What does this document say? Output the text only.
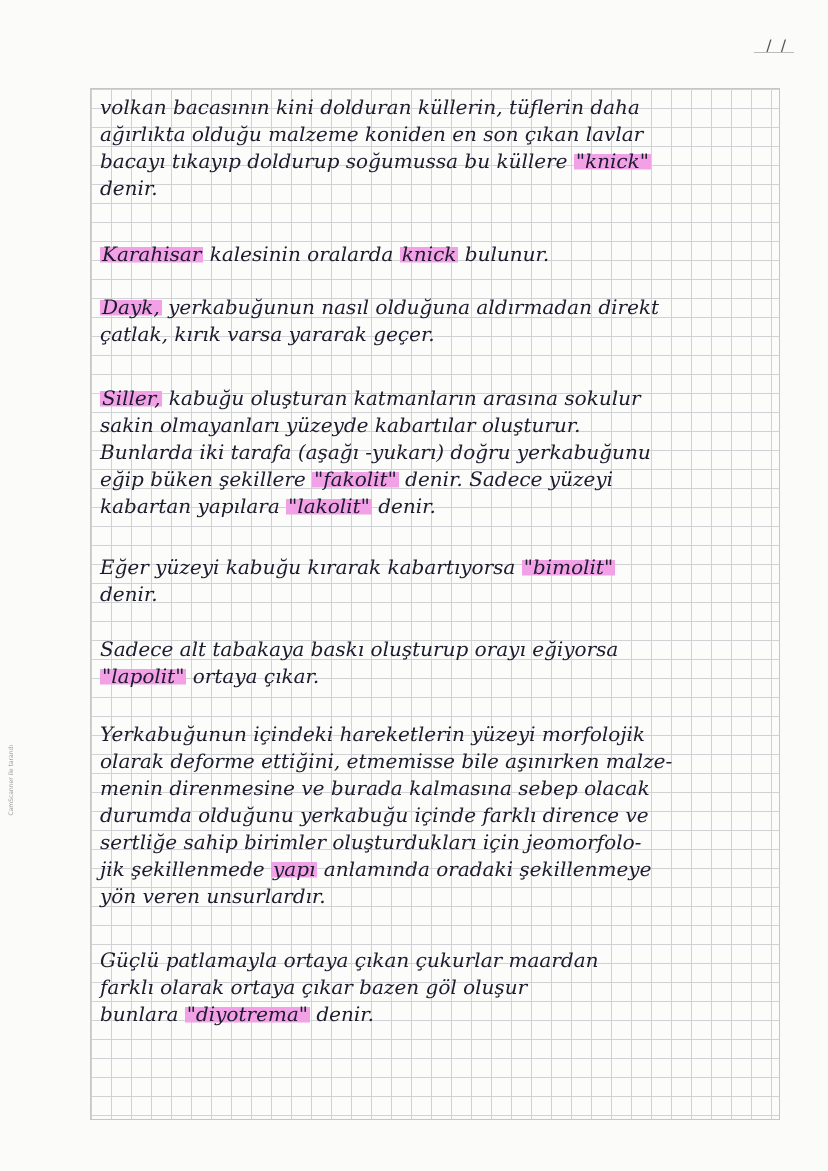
/ /
volkan bacasının kini dolduran küllerin, tüflerin daha
ağırlıkta olduğu malzeme koniden en son çıkan lavlar
bacayı tıkayıp doldurup soğumussa bu küllere "knick"
denir.
Karahisar kalesinin oralarda knick bulunur.
Dayk, yerkabuğunun nasıl olduğuna aldırmadan direkt
çatlak, kırık varsa yararak geçer.
Siller, kabuğu oluşturan katmanların arasına sokulur
sakin olmayanları yüzeyde kabartılar oluşturur.
Bunlarda iki tarafa (aşağı -yukarı) doğru yerkabuğunu
eğip büken şekillere "fakolit" denir. Sadece yüzeyi
kabartan yapılara "lakolit" denir.
Eğer yüzeyi kabuğu kırarak kabartıyorsa "bimolit"
denir.
Sadece alt tabakaya baskı oluşturup orayı eğiyorsa
"lapolit" ortaya çıkar.
Yerkabuğunun içindeki hareketlerin yüzeyi morfolojik
olarak deforme ettiğini, etmemisse bile aşınırken malze-
menin direnmesine ve burada kalmasına sebep olacak
durumda olduğunu yerkabuğu içinde farklı dirence ve
sertliğe sahip birimler oluşturdukları için jeomorfolo-
jik şekillenmede yapı anlamında oradaki şekillenmeye
yön veren unsurlardır.
Güçlü patlamayla ortaya çıkan çukurlar maardan
farklı olarak ortaya çıkar bazen göl oluşur
bunlara "diyotrema" denir.
CamScanner ile tarandı
